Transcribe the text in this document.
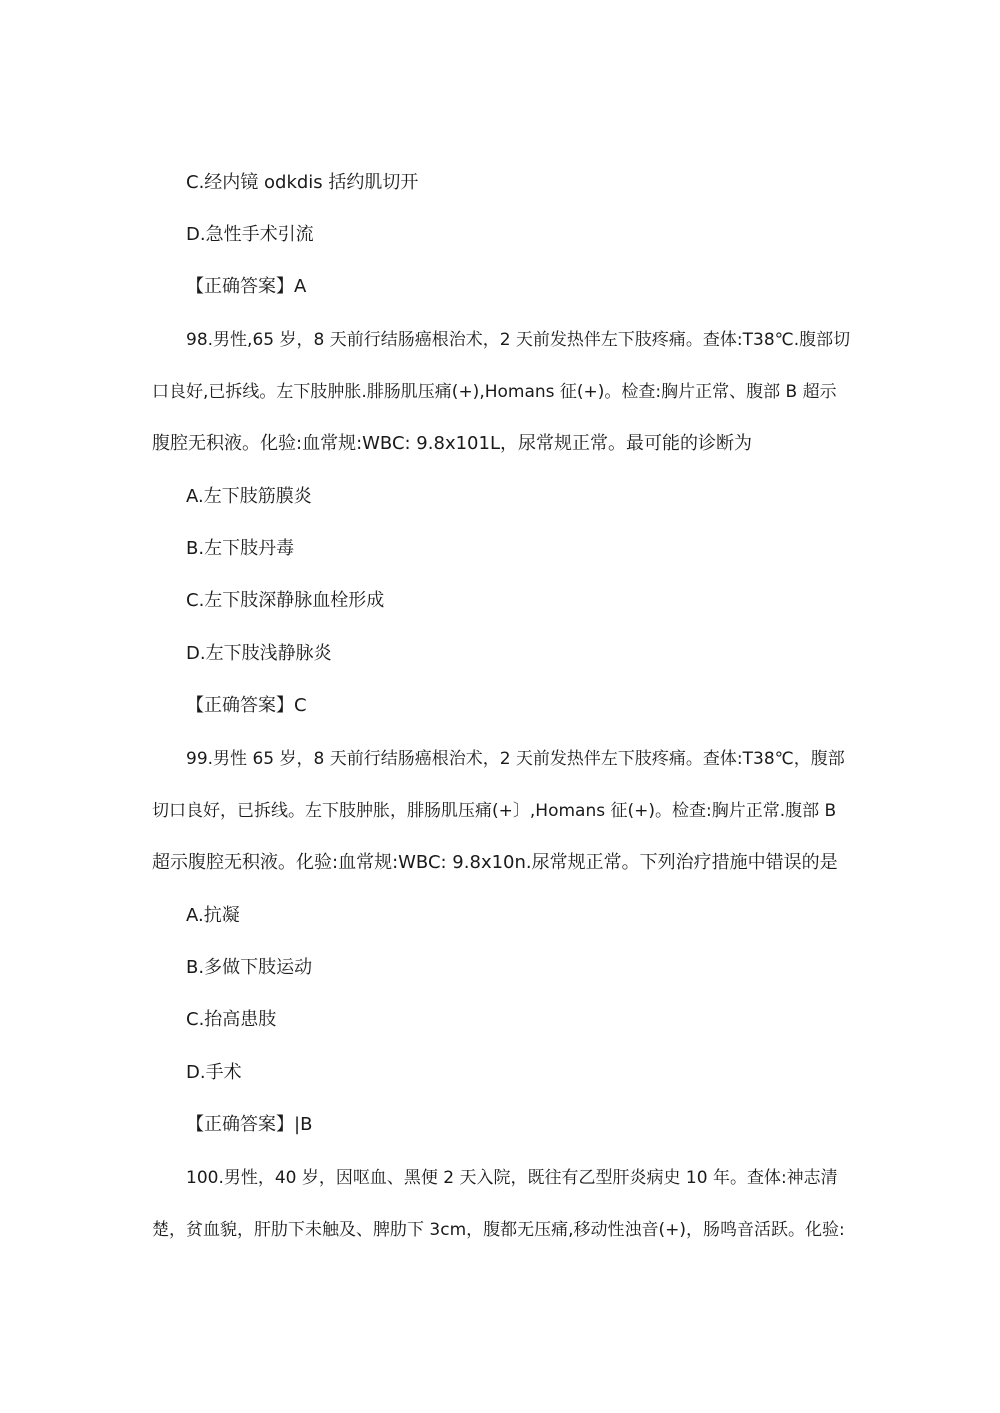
C.经内镜 odkdis 括约肌切开
D.急性手术引流
【正确答案】A
98.男性,65 岁，8 天前行结肠癌根治术，2 天前发热伴左下肢疼痛。查体:T38℃.腹部切
口良好,已拆线。左下肢肿胀.腓肠肌压痛(+),Homans 征(+)。检查:胸片正常、腹部 B 超示
腹腔无积液。化验:血常规:WBC: 9.8x101L，尿常规正常。最可能的诊断为
A.左下肢筋膜炎
B.左下肢丹毒
C.左下肢深静脉血栓形成
D.左下肢浅静脉炎
【正确答案】C
99.男性 65 岁，8 天前行结肠癌根治术，2 天前发热伴左下肢疼痛。查体:T38℃，腹部
切口良好，已拆线。左下肢肿胀，腓肠肌压痛(+〕,Homans 征(+)。检查:胸片正常.腹部 B
超示腹腔无积液。化验:血常规:WBC: 9.8x10n.尿常规正常。下列治疗措施中错误的是
A.抗凝
B.多做下肢运动
C.抬高患肢
D.手术
【正确答案】|B
100.男性，40 岁，因呕血、黑便 2 天入院，既往有乙型肝炎病史 10 年。查体:神志清
楚，贫血貌，肝肋下未触及、脾肋下 3cm，腹都无压痛,移动性浊音(+)，肠鸣音活跃。化验:
